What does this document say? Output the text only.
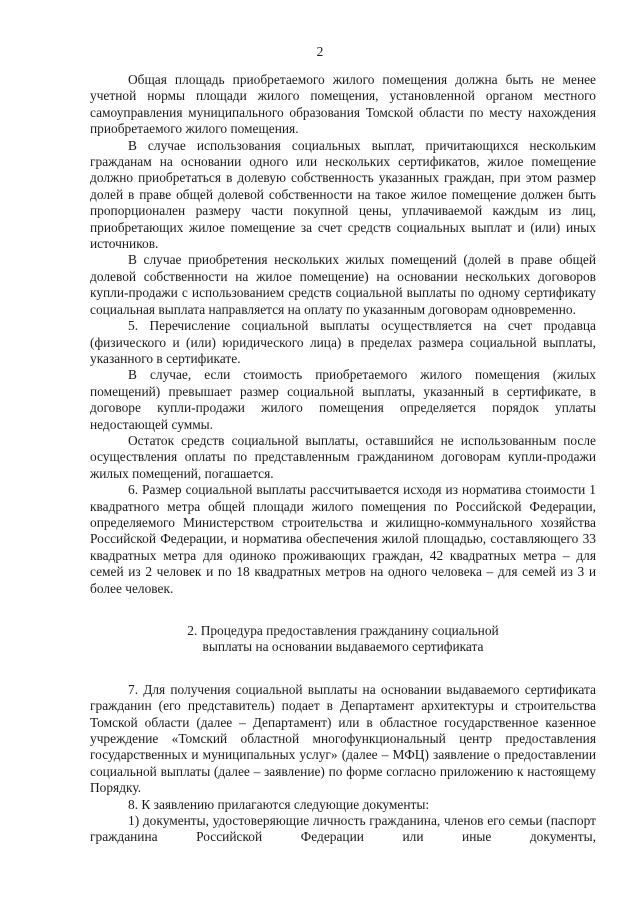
2

Общая площадь приобретаемого жилого помещения должна быть не менее учетной нормы площади жилого помещения, установленной органом местного самоуправления муниципального образования Томской области по месту нахождения приобретаемого жилого помещения.

В случае использования социальных выплат, причитающихся нескольким гражданам на основании одного или нескольких сертификатов, жилое помещение должно приобретаться в долевую собственность указанных граждан, при этом размер долей в праве общей долевой собственности на такое жилое помещение должен быть пропорционален размеру части покупной цены, уплачиваемой каждым из лиц, приобретающих жилое помещение за счет средств социальных выплат и (или) иных источников.

В случае приобретения нескольких жилых помещений (долей в праве общей долевой собственности на жилое помещение) на основании нескольких договоров купли-продажи с использованием средств социальной выплаты по одному сертификату социальная выплата направляется на оплату по указанным договорам одновременно.

5. Перечисление социальной выплаты осуществляется на счет продавца (физического и (или) юридического лица) в пределах размера социальной выплаты, указанного в сертификате.

В случае, если стоимость приобретаемого жилого помещения (жилых помещений) превышает размер социальной выплаты, указанный в сертификате, в договоре купли-продажи жилого помещения определяется порядок уплаты недостающей суммы.

Остаток средств социальной выплаты, оставшийся не использованным после осуществления оплаты по представленным гражданином договорам купли-продажи жилых помещений, погашается.

6. Размер социальной выплаты рассчитывается исходя из норматива стоимости 1 квадратного метра общей площади жилого помещения по Российской Федерации, определяемого Министерством строительства и жилищно-коммунального хозяйства Российской Федерации, и норматива обеспечения жилой площадью, составляющего 33 квадратных метра для одиноко проживающих граждан, 42 квадратных метра – для семей из 2 человек и по 18 квадратных метров на одного человека – для семей из 3 и более человек.

2. Процедура предоставления гражданину социальной
выплаты на основании выдаваемого сертификата

7. Для получения социальной выплаты на основании выдаваемого сертификата гражданин (его представитель) подает в Департамент архитектуры и строительства Томской области (далее – Департамент) или в областное государственное казенное учреждение «Томский областной многофункциональный центр предоставления государственных и муниципальных услуг» (далее – МФЦ) заявление о предоставлении социальной выплаты (далее – заявление) по форме согласно приложению к настоящему Порядку.

8. К заявлению прилагаются следующие документы:

1) документы, удостоверяющие личность гражданина, членов его семьи (паспорт гражданина Российской Федерации или иные документы,
